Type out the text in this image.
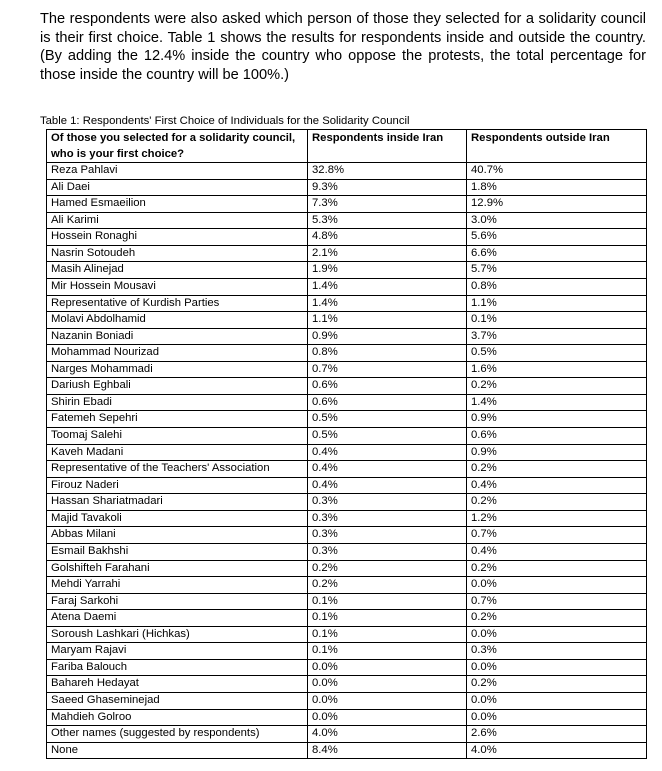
The respondents were also asked which person of those they selected for a solidarity council is their first choice. Table 1 shows the results for respondents inside and outside the country. (By adding the 12.4% inside the country who oppose the protests, the total percentage for those inside the country will be 100%.)

Table 1: Respondents' First Choice of Individuals for the Solidarity Council

Of those you selected for a solidarity council, who is your first choice?	Respondents inside Iran	Respondents outside Iran
Reza Pahlavi	32.8%	40.7%
Ali Daei	9.3%	1.8%
Hamed Esmaeilion	7.3%	12.9%
Ali Karimi	5.3%	3.0%
Hossein Ronaghi	4.8%	5.6%
Nasrin Sotoudeh	2.1%	6.6%
Masih Alinejad	1.9%	5.7%
Mir Hossein Mousavi	1.4%	0.8%
Representative of Kurdish Parties	1.4%	1.1%
Molavi Abdolhamid	1.1%	0.1%
Nazanin Boniadi	0.9%	3.7%
Mohammad Nourizad	0.8%	0.5%
Narges Mohammadi	0.7%	1.6%
Dariush Eghbali	0.6%	0.2%
Shirin Ebadi	0.6%	1.4%
Fatemeh Sepehri	0.5%	0.9%
Toomaj Salehi	0.5%	0.6%
Kaveh Madani	0.4%	0.9%
Representative of the Teachers' Association	0.4%	0.2%
Firouz Naderi	0.4%	0.4%
Hassan Shariatmadari	0.3%	0.2%
Majid Tavakoli	0.3%	1.2%
Abbas Milani	0.3%	0.7%
Esmail Bakhshi	0.3%	0.4%
Golshifteh Farahani	0.2%	0.2%
Mehdi Yarrahi	0.2%	0.0%
Faraj Sarkohi	0.1%	0.7%
Atena Daemi	0.1%	0.2%
Soroush Lashkari (Hichkas)	0.1%	0.0%
Maryam Rajavi	0.1%	0.3%
Fariba Balouch	0.0%	0.0%
Bahareh Hedayat	0.0%	0.2%
Saeed Ghaseminejad	0.0%	0.0%
Mahdieh Golroo	0.0%	0.0%
Other names (suggested by respondents)	4.0%	2.6%
None	8.4%	4.0%
